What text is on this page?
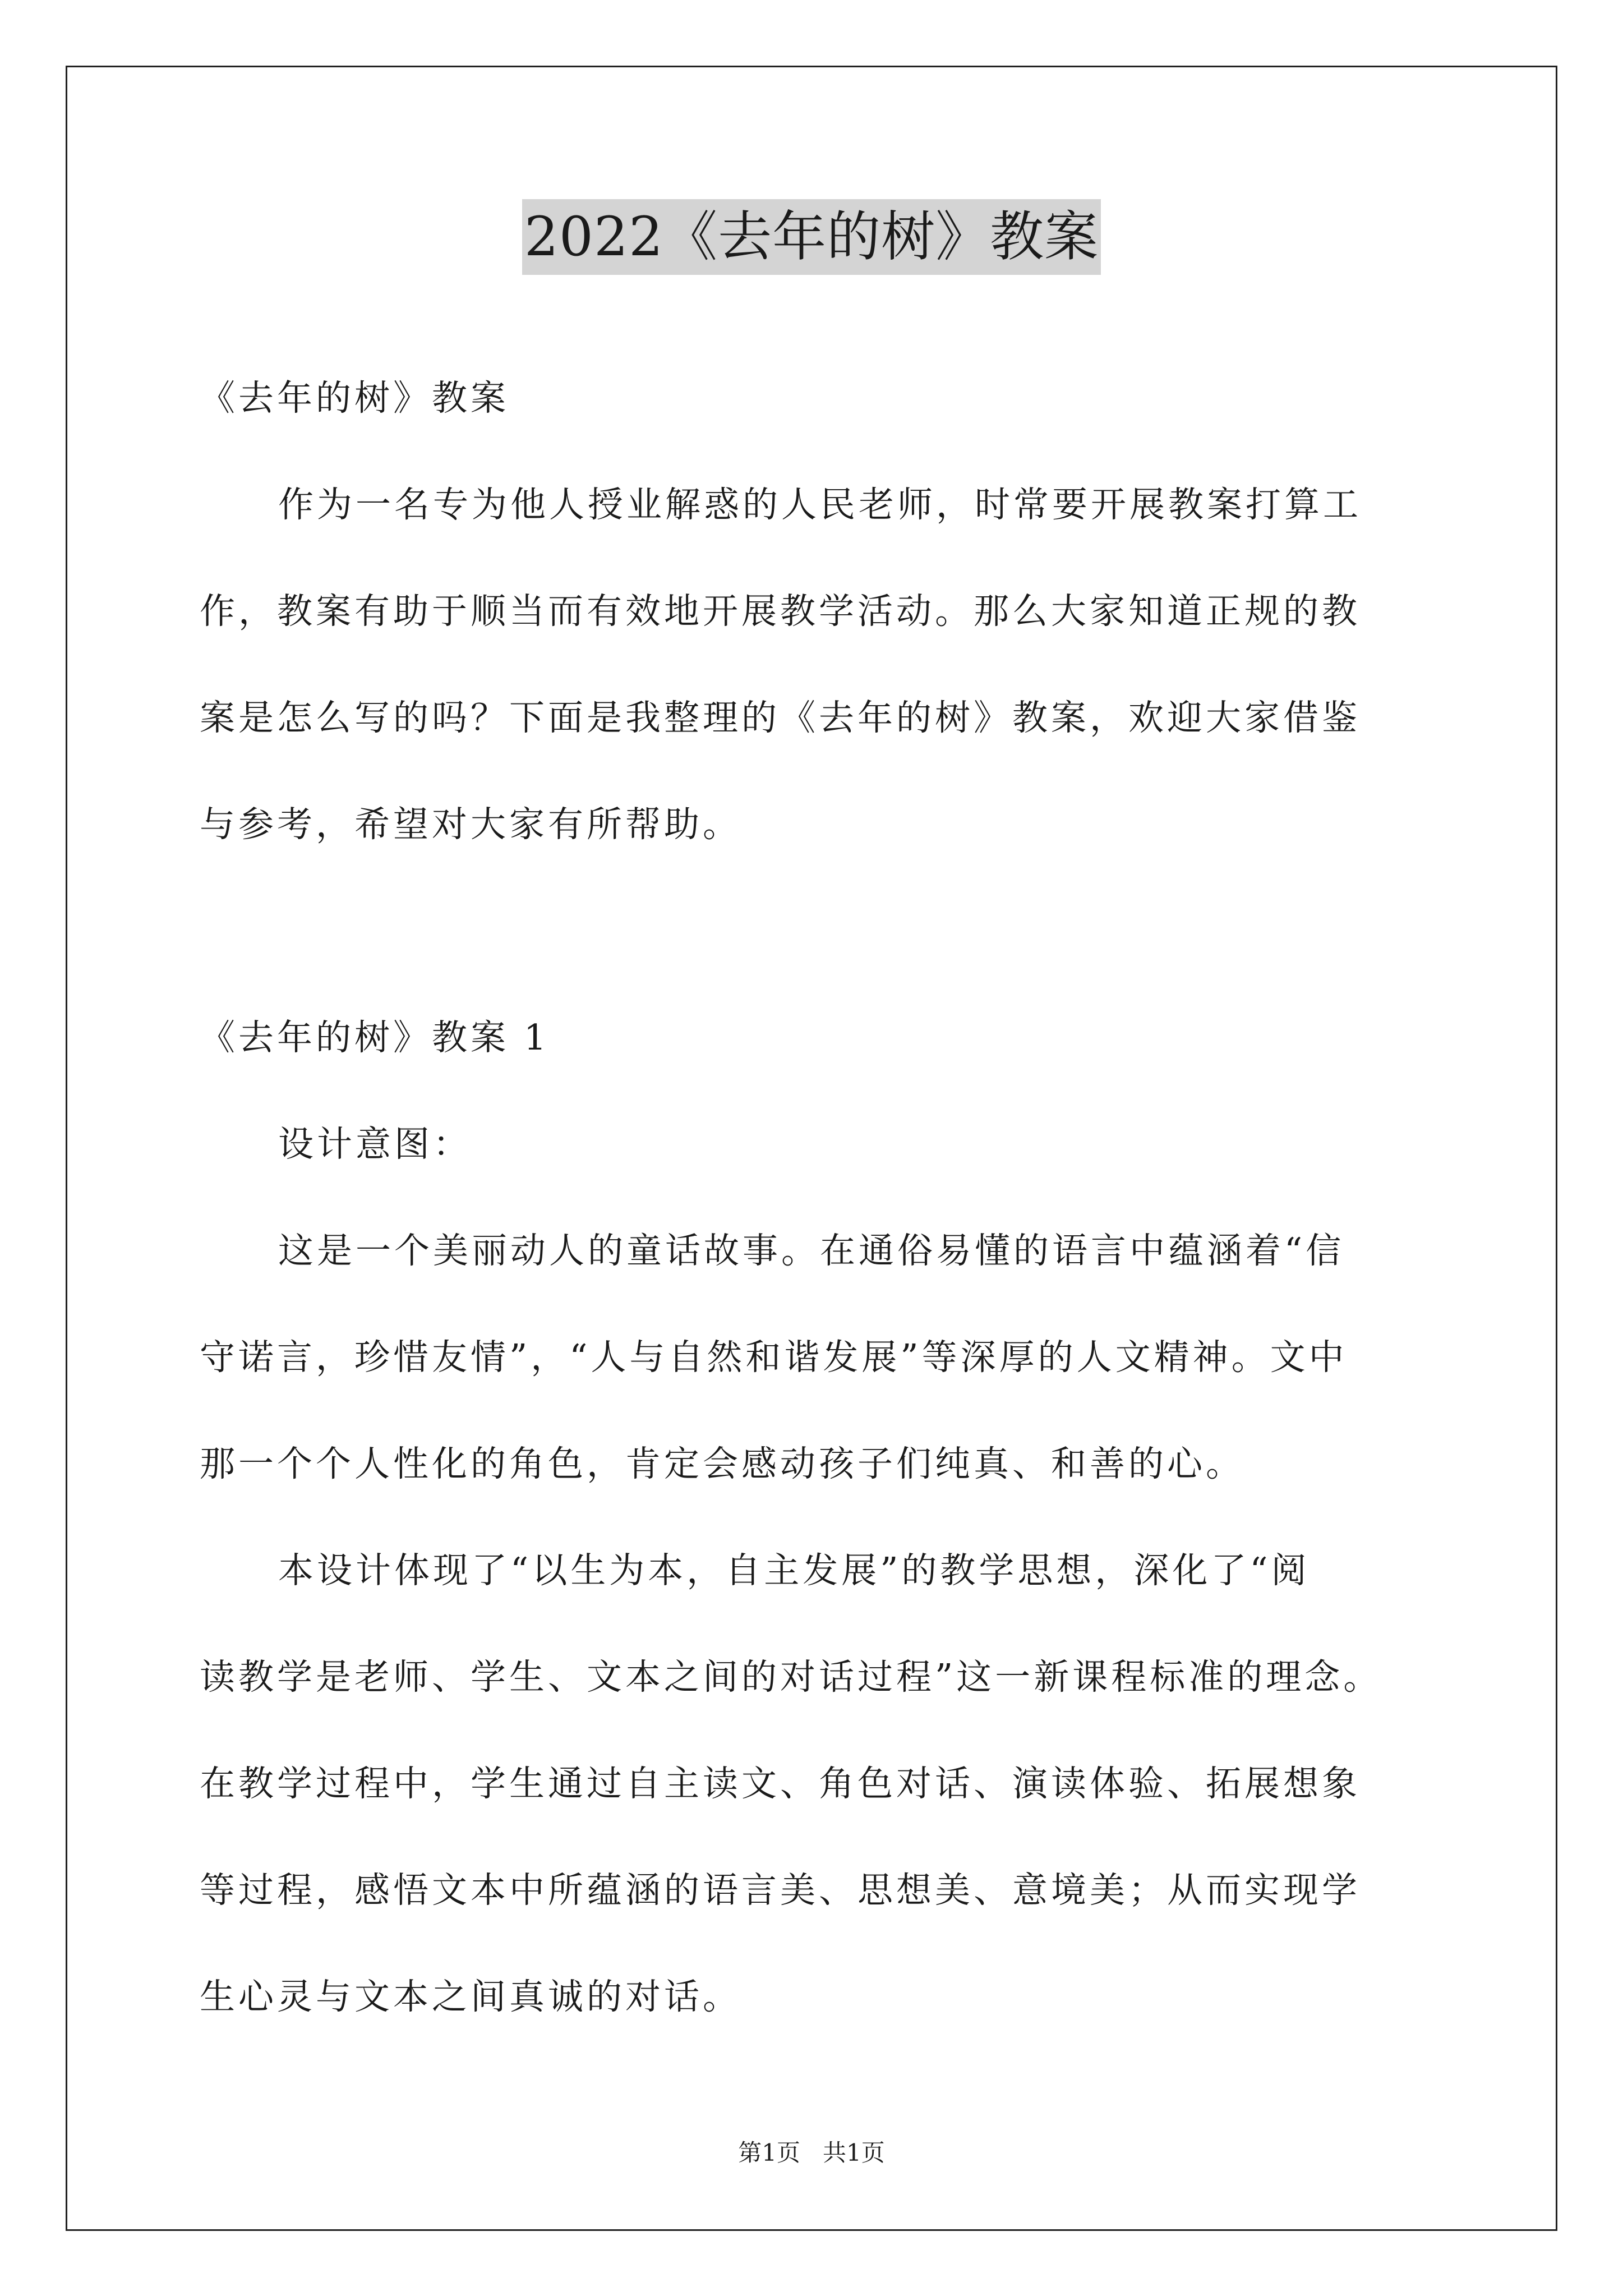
2022《去年的树》教案

《去年的树》教案

作为一名专为他人授业解惑的人民老师，时常要开展教案打算工

作，教案有助于顺当而有效地开展教学活动。那么大家知道正规的教

案是怎么写的吗？下面是我整理的《去年的树》教案，欢迎大家借鉴

与参考，希望对大家有所帮助。

《去年的树》教案 1

设计意图：

这是一个美丽动人的童话故事。在通俗易懂的语言中蕴涵着“信

守诺言，珍惜友情”，“人与自然和谐发展”等深厚的人文精神。文中

那一个个人性化的角色，肯定会感动孩子们纯真、和善的心。

本设计体现了“以生为本，自主发展”的教学思想，深化了“阅

读教学是老师、学生、文本之间的对话过程”这一新课程标准的理念。

在教学过程中，学生通过自主读文、角色对话、演读体验、拓展想象

等过程，感悟文本中所蕴涵的语言美、思想美、意境美；从而实现学

生心灵与文本之间真诚的对话。

第1页   共1页
